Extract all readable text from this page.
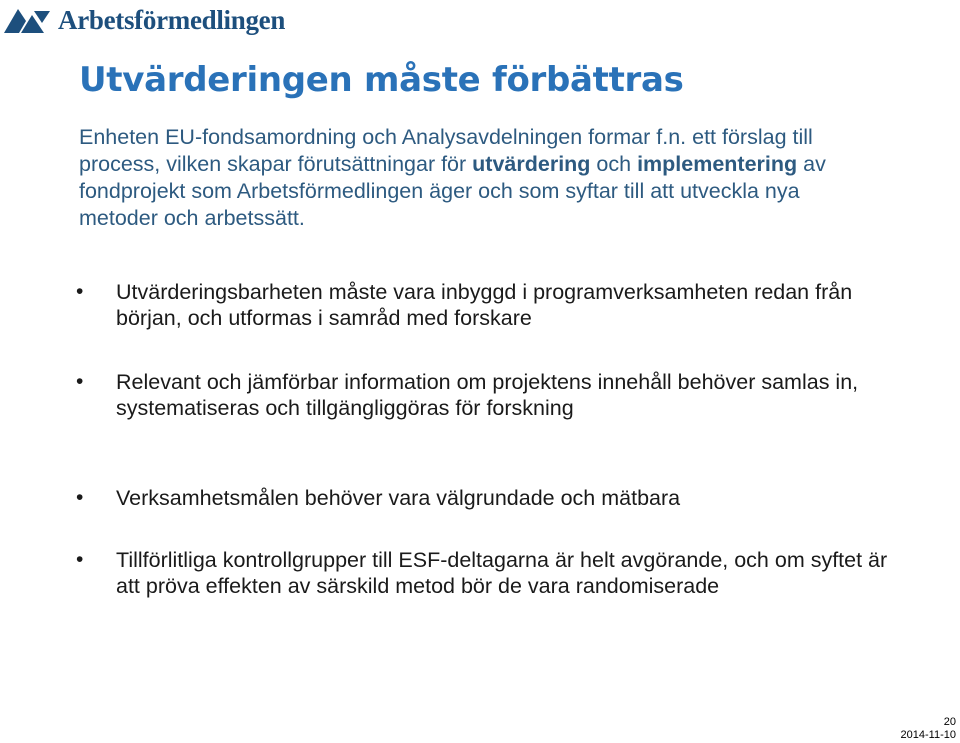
Arbetsförmedlingen
Utvärderingen måste förbättras

Enheten EU-fondsamordning och Analysavdelningen formar f.n. ett förslag till process, vilken skapar förutsättningar för utvärdering och implementering av fondprojekt som Arbetsförmedlingen äger och som syftar till att utveckla nya metoder och arbetssätt.

• Utvärderingsbarheten måste vara inbyggd i programverksamheten redan från början, och utformas i samråd med forskare
• Relevant och jämförbar information om projektens innehåll behöver samlas in, systematiseras och tillgängliggöras för forskning
• Verksamhetsmålen behöver vara välgrundade och mätbara
• Tillförlitliga kontrollgrupper till ESF-deltagarna är helt avgörande, och om syftet är att pröva effekten av särskild metod bör de vara randomiserade
20
2014-11-10
